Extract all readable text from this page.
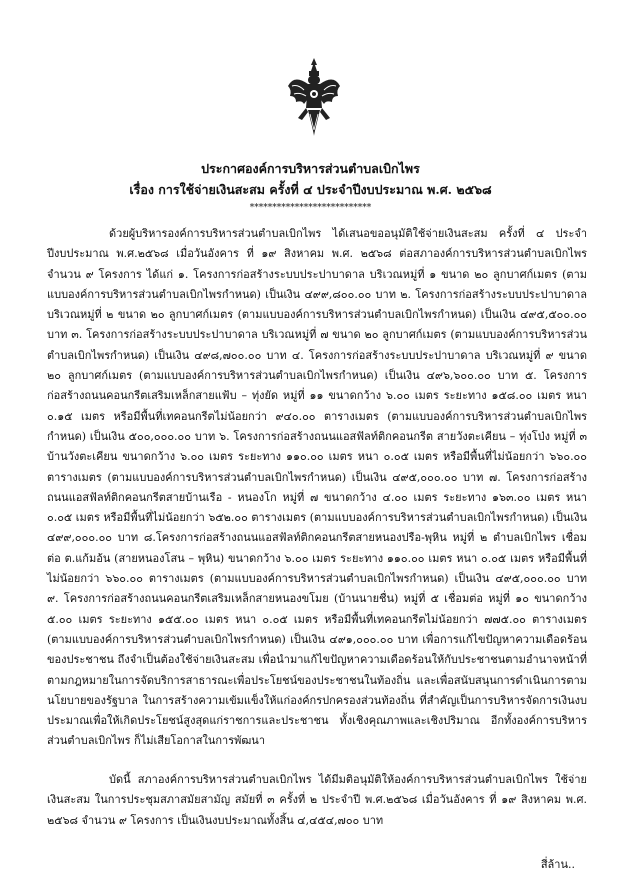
ประกาศองค์การบริหารส่วนตำบลเบิกไพร
เรื่อง การใช้จ่ายเงินสะสม ครั้งที่ ๔ ประจำปีงบประมาณ พ.ศ. ๒๕๖๘
***************************

ด้วยผู้บริหารองค์การบริหารส่วนตำบลเบิกไพร ได้เสนอขออนุมัติใช้จ่ายเงินสะสม ครั้งที่ ๔ ประจำปีงบประมาณ พ.ศ.๒๕๖๘ เมื่อวันอังคาร ที่ ๑๙ สิงหาคม พ.ศ. ๒๕๖๘ ต่อสภาองค์การบริหารส่วนตำบลเบิกไพร จำนวน ๙ โครงการ ได้แก่ ๑. โครงการก่อสร้างระบบประปาบาดาล บริเวณหมู่ที่ ๑ ขนาด ๒๐ ลูกบาศก์เมตร (ตามแบบองค์การบริหารส่วนตำบลเบิกไพรกำหนด) เป็นเงิน ๔๙๙,๘๐๐.๐๐ บาท ๒. โครงการก่อสร้างระบบประปาบาดาล บริเวณหมู่ที่ ๒ ขนาด ๒๐ ลูกบาศก์เมตร (ตามแบบองค์การบริหารส่วนตำบลเบิกไพรกำหนด) เป็นเงิน ๔๙๕,๕๐๐.๐๐ บาท ๓. โครงการก่อสร้างระบบประปาบาดาล บริเวณหมู่ที่ ๗ ขนาด ๒๐ ลูกบาศก์เมตร (ตามแบบองค์การบริหารส่วนตำบลเบิกไพรกำหนด) เป็นเงิน ๔๙๘,๗๐๐.๐๐ บาท ๔. โครงการก่อสร้างระบบประปาบาดาล บริเวณหมู่ที่ ๙ ขนาด ๒๐ ลูกบาศก์เมตร (ตามแบบองค์การบริหารส่วนตำบลเบิกไพรกำหนด) เป็นเงิน ๔๙๖,๖๐๐.๐๐ บาท ๕. โครงการก่อสร้างถนนคอนกรีตเสริมเหล็กสายแฟ้บ – ทุ่งยัด หมู่ที่ ๑๑ ขนาดกว้าง ๖.๐๐ เมตร ระยะทาง ๑๕๘.๐๐ เมตร หนา ๐.๑๕ เมตร หรือมีพื้นที่เทคอนกรีตไม่น้อยกว่า ๙๔๐.๐๐ ตารางเมตร (ตามแบบองค์การบริหารส่วนตำบลเบิกไพรกำหนด) เป็นเงิน ๕๐๐,๐๐๐.๐๐ บาท ๖. โครงการก่อสร้างถนนแอสฟัลท์ติกคอนกรีต สายวังตะเคียน – ทุ่งโป่ง หมู่ที่ ๓ บ้านวังตะเคียน ขนาดกว้าง ๖.๐๐ เมตร ระยะทาง ๑๑๐.๐๐ เมตร หนา ๐.๐๕ เมตร หรือมีพื้นที่ไม่น้อยกว่า ๖๖๐.๐๐ ตารางเมตร (ตามแบบองค์การบริหารส่วนตำบลเบิกไพรกำหนด) เป็นเงิน ๔๙๕,๐๐๐.๐๐ บาท ๗. โครงการก่อสร้างถนนแอสฟัลท์ติกคอนกรีตสายบ้านเรือ - หนองโก หมู่ที่ ๗ ขนาดกว้าง ๔.๐๐ เมตร ระยะทาง ๑๖๓.๐๐ เมตร หนา ๐.๐๕ เมตร หรือมีพื้นที่ไม่น้อยกว่า ๖๕๒.๐๐ ตารางเมตร (ตามแบบองค์การบริหารส่วนตำบลเบิกไพรกำหนด) เป็นเงิน ๔๙๙,๐๐๐.๐๐ บาท ๘.โครงการก่อสร้างถนนแอสฟัลท์ติกคอนกรีตสายหนองปรือ-พุหิน หมู่ที่ ๒ ตำบลเบิกไพร เชื่อมต่อ ต.แก้มอ้น (สายหนองโสน – พุหิน) ขนาดกว้าง ๖.๐๐ เมตร ระยะทาง ๑๑๐.๐๐ เมตร หนา ๐.๐๕ เมตร หรือมีพื้นที่ไม่น้อยกว่า ๖๖๐.๐๐ ตารางเมตร (ตามแบบองค์การบริหารส่วนตำบลเบิกไพรกำหนด) เป็นเงิน ๔๙๕,๐๐๐.๐๐ บาท ๙. โครงการก่อสร้างถนนคอนกรีตเสริมเหล็กสายหนองขโมย (บ้านนายชื่น) หมู่ที่ ๕ เชื่อมต่อ หมู่ที่ ๑๐ ขนาดกว้าง ๕.๐๐ เมตร ระยะทาง ๑๕๕.๐๐ เมตร หนา ๐.๐๕ เมตร หรือมีพื้นที่เทคอนกรีตไม่น้อยกว่า ๗๗๕.๐๐ ตารางเมตร (ตามแบบองค์การบริหารส่วนตำบลเบิกไพรกำหนด) เป็นเงิน ๔๙๑,๐๐๐.๐๐ บาท เพื่อการแก้ไขปัญหาความเดือดร้อนของประชาชน ถึงจำเป็นต้องใช้จ่ายเงินสะสม เพื่อนำมาแก้ไขปัญหาความเดือดร้อนให้กับประชาชนตามอำนาจหน้าที่ ตามกฎหมายในการจัดบริการสาธารณะเพื่อประโยชน์ของประชาชนในท้องถิ่น และเพื่อสนับสนุนการดำเนินการตามนโยบายของรัฐบาล ในการสร้างความเข้มแข็งให้แก่องค์กรปกครองส่วนท้องถิ่น ที่สำคัญเป็นการบริหารจัดการเงินงบประมาณเพื่อให้เกิดประโยชน์สูงสุดแก่ราชการและประชาชน ทั้งเชิงคุณภาพและเชิงปริมาณ อีกทั้งองค์การบริหารส่วนตำบลเบิกไพร ก็ไม่เสียโอกาสในการพัฒนา

บัดนี้ สภาองค์การบริหารส่วนตำบลเบิกไพร ได้มีมติอนุมัติให้องค์การบริหารส่วนตำบลเบิกไพร ใช้จ่ายเงินสะสม ในการประชุมสภาสมัยสามัญ สมัยที่ ๓ ครั้งที่ ๒ ประจำปี พ.ศ.๒๕๖๘ เมื่อวันอังคาร ที่ ๑๙ สิงหาคม พ.ศ. ๒๕๖๘ จำนวน ๙ โครงการ เป็นเงินงบประมาณทั้งสิ้น ๔,๔๕๔,๗๐๐ บาท

สี่ล้าน..
